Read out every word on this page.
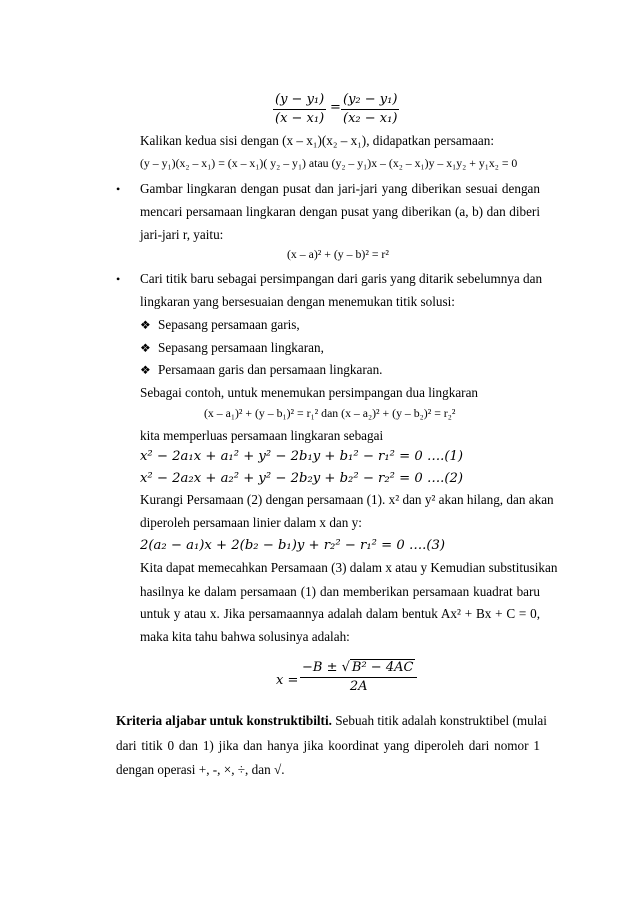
$\frac{\text{(y − y₁)}}{\text{(x − x₁)}} = \frac{\text{(y₂ − y₁)}}{\text{(x₂ − x₁)}}$
Kalikan kedua sisi dengan (x – x₁)(x₂ – x₁), didapatkan persamaan:
(y – y₁)(x₂ – x₁) = (x – x₁)( y₂ – y₁) atau (y₂ – y₁)x – (x₂ – x₁)y – x₁y₂ + y₁x₂ = 0
• Gambar lingkaran dengan pusat dan jari-jari yang diberikan sesuai dengan
mencari persamaan lingkaran dengan pusat yang diberikan (a, b) dan diberi
jari-jari r, yaitu:
(x – a)² + (y – b)² = r²
• Cari titik baru sebagai persimpangan dari garis yang ditarik sebelumnya dan
lingkaran yang bersesuaian dengan menemukan titik solusi:
❖ Sepasang persamaan garis,
❖ Sepasang persamaan lingkaran,
❖ Persamaan garis dan persamaan lingkaran.
Sebagai contoh, untuk menemukan persimpangan dua lingkaran
(x – a₁)² + (y – b₁)² = r₁² dan (x – a₂)² + (y – b₂)² = r₂²
kita memperluas persamaan lingkaran sebagai
x² − 2a₁x + a₁² + y² − 2b₁y + b₁² − r₁² = 0 ….(1)
x² − 2a₂x + a₂² + y² − 2b₂y + b₂² − r₂² = 0 ….(2)
Kurangi Persamaan (2) dengan persamaan (1). x² dan y² akan hilang, dan akan
diperoleh persamaan linier dalam x dan y:
2(a₂ − a₁)x + 2(b₂ − b₁)y + r₂² − r₁² = 0 ….(3)
Kita dapat memecahkan Persamaan (3) dalam x atau y Kemudian substitusikan
hasilnya ke dalam persamaan (1) dan memberikan persamaan kuadrat baru
untuk y atau x. Jika persamaannya adalah dalam bentuk Ax² + Bx + C = 0,
maka kita tahu bahwa solusinya adalah:
$x = \frac{\text{−B ± √ B² − 4AC}}{2A}$
Kriteria aljabar untuk konstruktibilti. Sebuah titik adalah konstruktibel (mulai
dari titik 0 dan 1) jika dan hanya jika koordinat yang diperoleh dari nomor 1
dengan operasi +, -, ×, ÷, dan √.
